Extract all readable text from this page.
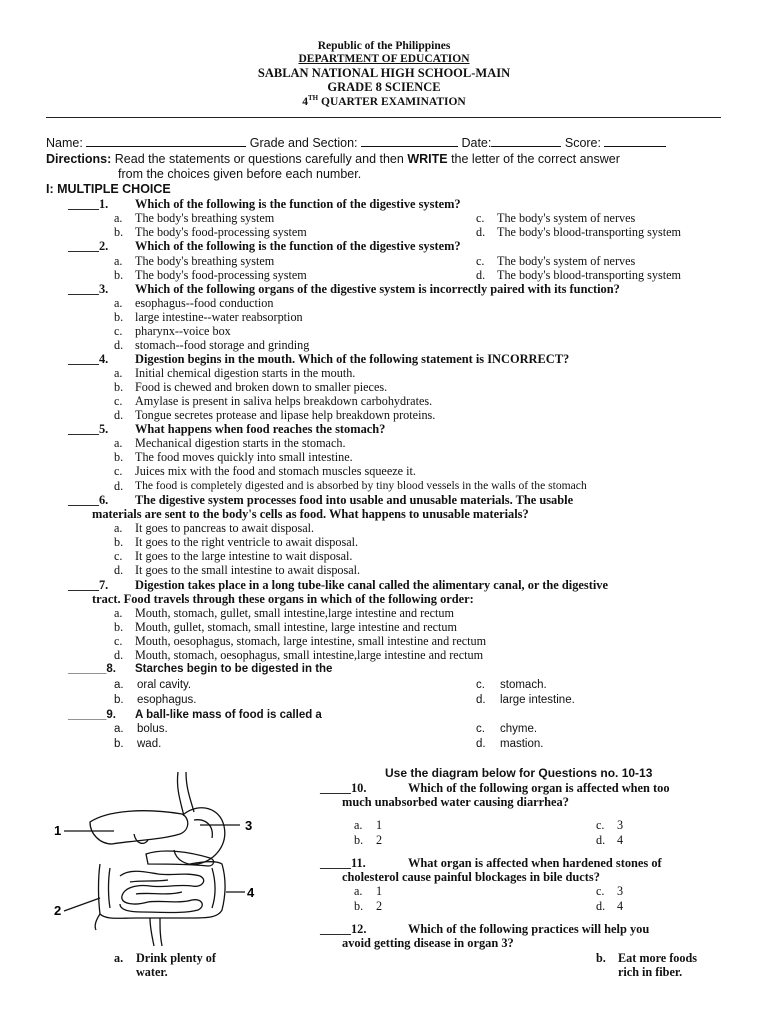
Republic of the Philippines
DEPARTMENT OF EDUCATION
SABLAN NATIONAL HIGH SCHOOL-MAIN
GRADE 8 SCIENCE
4TH QUARTER EXAMINATION
Name:	Grade and Section:	Date:	Score:
Directions: Read the statements or questions carefully and then WRITE the letter of the correct answer
from the choices given before each number.
I: MULTIPLE CHOICE
_____1. Which of the following is the function of the digestive system?
a. The body's breathing system	c. The body's system of nerves
b. The body's food-processing system	d. The body's blood-transporting system
_____2. Which of the following is the function of the digestive system?
a. The body's breathing system	c. The body's system of nerves
b. The body's food-processing system	d. The body's blood-transporting system
_____3. Which of the following organs of the digestive system is incorrectly paired with its function?
a. esophagus--food conduction
b. large intestine--water reabsorption
c. pharynx--voice box
d. stomach--food storage and grinding
_____4. Digestion begins in the mouth. Which of the following statement is INCORRECT?
a. Initial chemical digestion starts in the mouth.
b. Food is chewed and broken down to smaller pieces.
c. Amylase is present in saliva helps breakdown carbohydrates.
d. Tongue secretes protease and lipase help breakdown proteins.
_____5. What happens when food reaches the stomach?
a. Mechanical digestion starts in the stomach.
b. The food moves quickly into small intestine.
c. Juices mix with the food and stomach muscles squeeze it.
d. The food is completely digested and is absorbed by tiny blood vessels in the walls of the stomach
_____6. The digestive system processes food into usable and unusable materials. The usable
materials are sent to the body's cells as food. What happens to unusable materials?
a. It goes to pancreas to await disposal.
b. It goes to the right ventricle to await disposal.
c. It goes to the large intestine to wait disposal.
d. It goes to the small intestine to await disposal.
_____7. Digestion takes place in a long tube-like canal called the alimentary canal, or the digestive
tract. Food travels through these organs in which of the following order:
a. Mouth, stomach, gullet, small intestine,large intestine and rectum
b. Mouth, gullet, stomach, small intestine, large intestine and rectum
c. Mouth, oesophagus, stomach, large intestine, small intestine and rectum
d. Mouth, stomach, oesophagus, small intestine,large intestine and rectum
______8. Starches begin to be digested in the
a. oral cavity.	c. stomach.
b. esophagus.	d. large intestine.
______9. A ball-like mass of food is called a
a. bolus.	c. chyme.
b. wad.	d. mastion.
Use the diagram below for Questions no. 10-13
1
2
3
4
_____10.	Which of the following organ is affected when too
much unabsorbed water causing diarrhea?
a. 1	c. 3
b. 2	d. 4
_____11.	What organ is affected when hardened stones of
cholesterol cause painful blockages in bile ducts?
a. 1	c. 3
b. 2	d. 4
_____12.	Which of the following practices will help you
avoid getting disease in organ 3?
a. Drink plenty of
water.
b. Eat more foods
rich in fiber.
